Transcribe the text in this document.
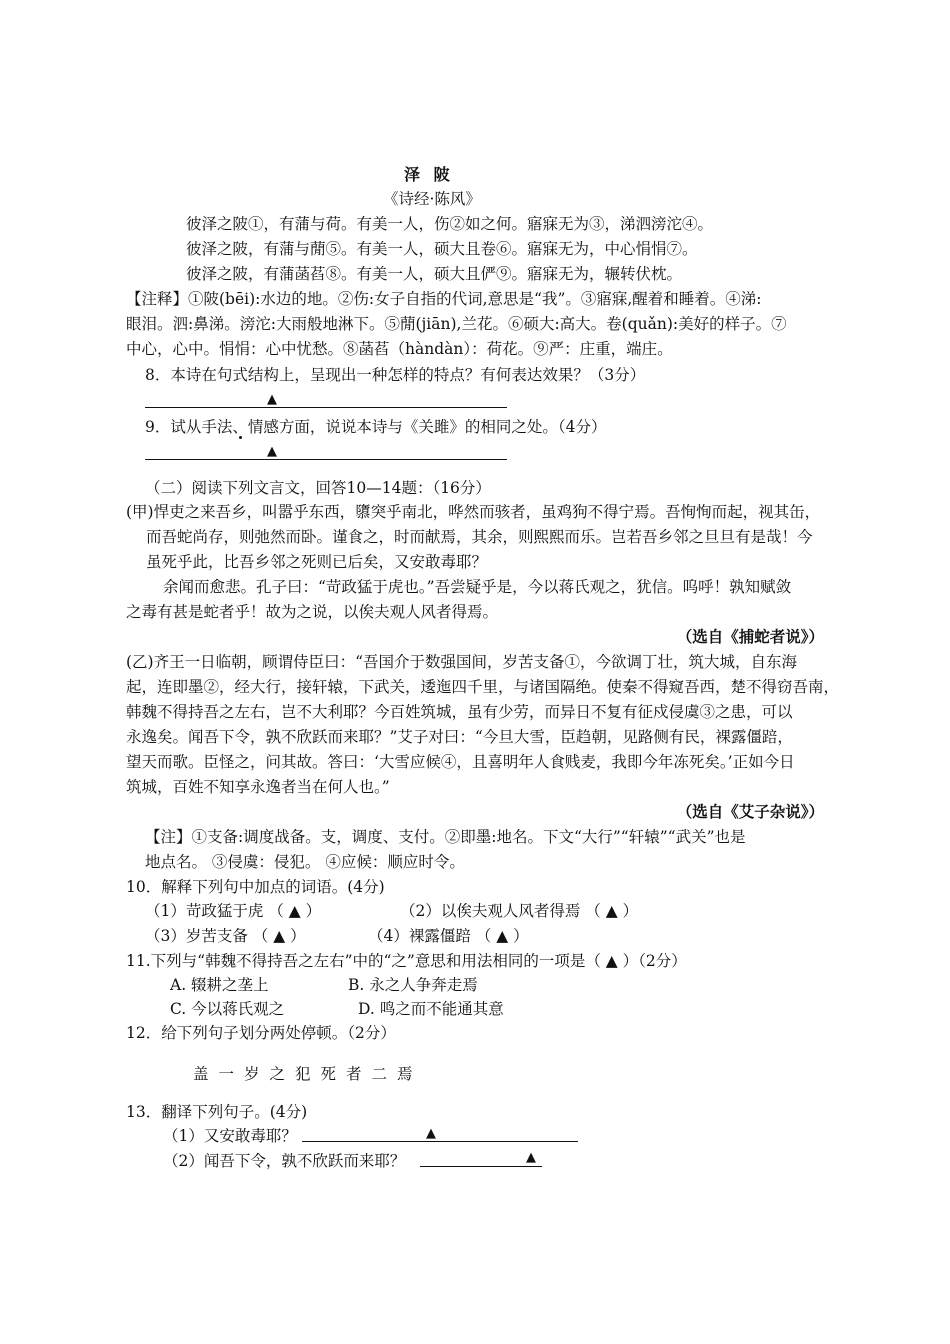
泽 陂
《诗经·陈风》
彼泽之陂①，有蒲与荷。有美一人，伤②如之何。寤寐无为③，涕泗滂沱④。
彼泽之陂，有蒲与蕑⑤。有美一人，硕大且卷⑥。寤寐无为，中心悁悁⑦。
彼泽之陂，有蒲菡萏⑧。有美一人，硕大且俨⑨。寤寐无为，辗转伏枕。
【注释】①陂(bēi):水边的地。②伤:女子自指的代词,意思是“我”。③寤寐,醒着和睡着。④涕:
眼泪。泗:鼻涕。滂沱:大雨般地淋下。⑤蕑(jiān),兰花。⑥硕大:高大。卷(quǎn):美好的样子。⑦
中心，心中。悁悁：心中忧愁。⑧菡萏（hàndàn）：荷花。⑨严：庄重，端庄。
8．本诗在句式结构上，呈现出一种怎样的特点？有何表达效果？（3分）
▲
9．试从手法、情感方面，说说本诗与《关雎》的相同之处。（4分）
▲
（二）阅读下列文言文，回答10—14题：（16分）
(甲)悍吏之来吾乡，叫嚣乎东西，隳突乎南北，哗然而骇者，虽鸡狗不得宁焉。吾恂恂而起，视其缶，
而吾蛇尚存，则弛然而卧。谨食之，时而献焉，其余，则熙熙而乐。岂若吾乡邻之旦旦有是哉！今
虽死乎此，比吾乡邻之死则已后矣，又安敢毒耶？
余闻而愈悲。孔子曰：“苛政猛于虎也。”吾尝疑乎是，今以蒋氏观之，犹信。呜呼！孰知赋敛
之毒有甚是蛇者乎！故为之说，以俟夫观人风者得焉。
（选自《捕蛇者说》）
(乙)齐王一日临朝，顾谓侍臣曰：“吾国介于数强国间，岁苦支备①，今欲调丁壮，筑大城，自东海
起，连即墨②，经大行，接轩辕，下武关，逶迤四千里，与诸国隔绝。使秦不得窥吾西，楚不得窃吾南，
韩魏不得持吾之左右，岂不大利耶？今百姓筑城，虽有少劳，而异日不复有征戍侵虞③之患，可以
永逸矣。闻吾下令，孰不欣跃而来耶？”艾子对曰：“今旦大雪，臣趋朝，见路侧有民，裸露僵踣，
望天而歌。臣怪之，问其故。答曰：‘大雪应候④，且喜明年人食贱麦，我即今年冻死矣。’正如今日
筑城，百姓不知享永逸者当在何人也。”
（选自《艾子杂说》）
【注】①支备:调度战备。支，调度、支付。②即墨:地名。下文“大行”“轩辕”“武关”也是
地点名。 ③侵虞：侵犯。 ④应候：顺应时令。
10．解释下列句中加点的词语。(4分)
（1）苛政猛于虎 （ ▲ ）	（2）以俟夫观人风者得焉 （ ▲ ）
（3）岁苦支备 （ ▲ ）	（4）裸露僵踣 （ ▲ ）
11.下列与“韩魏不得持吾之左右”中的“之”意思和用法相同的一项是（ ▲ ）（2分）
A. 辍耕之垄上	B. 永之人争奔走焉
C. 今以蒋氏观之	D. 鸣之而不能通其意
12．给下列句子划分两处停顿。（2分）
盖一岁之犯死者二焉
13．翻译下列句子。(4分)
（1）又安敢毒耶？	▲
（2）闻吾下令，孰不欣跃而来耶？	▲
